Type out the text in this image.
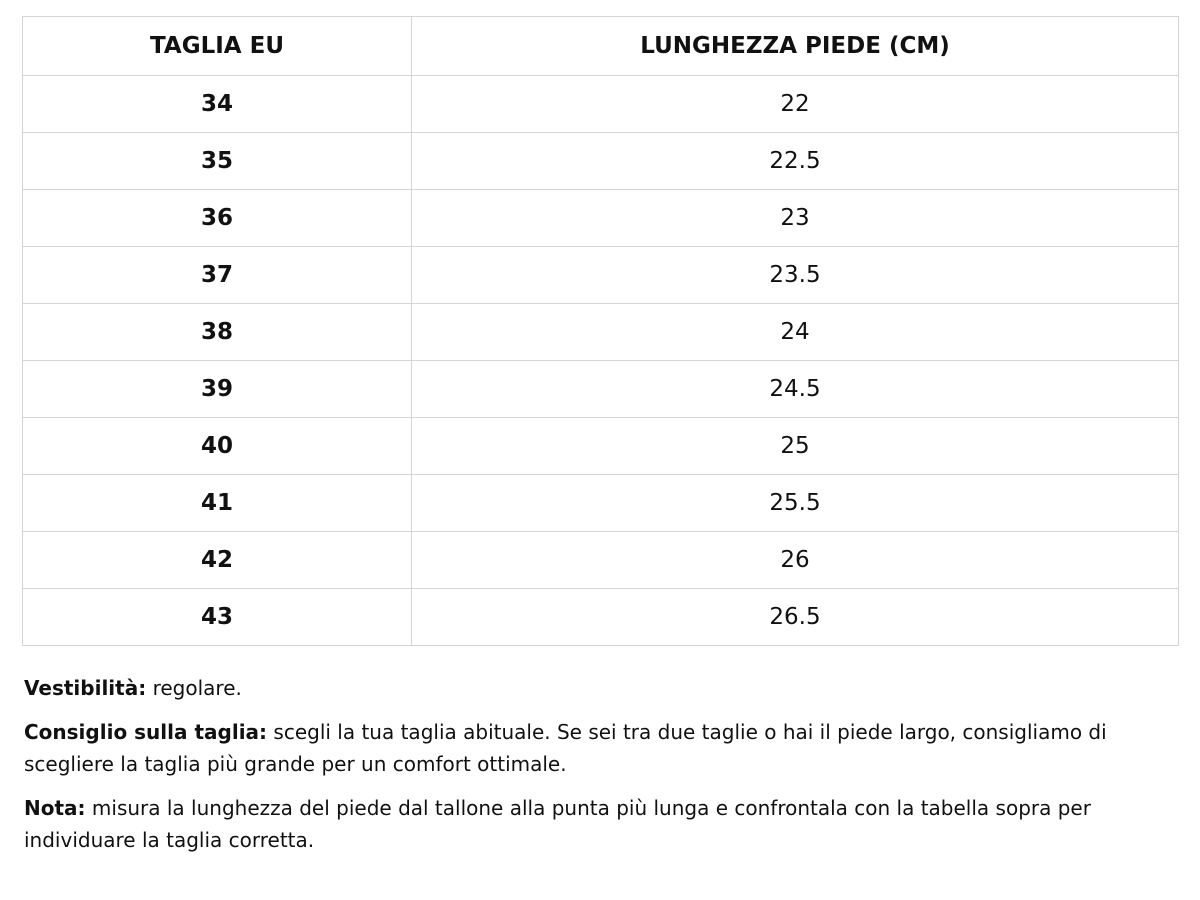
TAGLIA EU	LUNGHEZZA PIEDE (CM)
34	22
35	22.5
36	23
37	23.5
38	24
39	24.5
40	25
41	25.5
42	26
43	26.5

Vestibilità: regolare.

Consiglio sulla taglia: scegli la tua taglia abituale. Se sei tra due taglie o hai il piede largo, consigliamo di scegliere la taglia più grande per un comfort ottimale.

Nota: misura la lunghezza del piede dal tallone alla punta più lunga e confrontala con la tabella sopra per individuare la taglia corretta.
